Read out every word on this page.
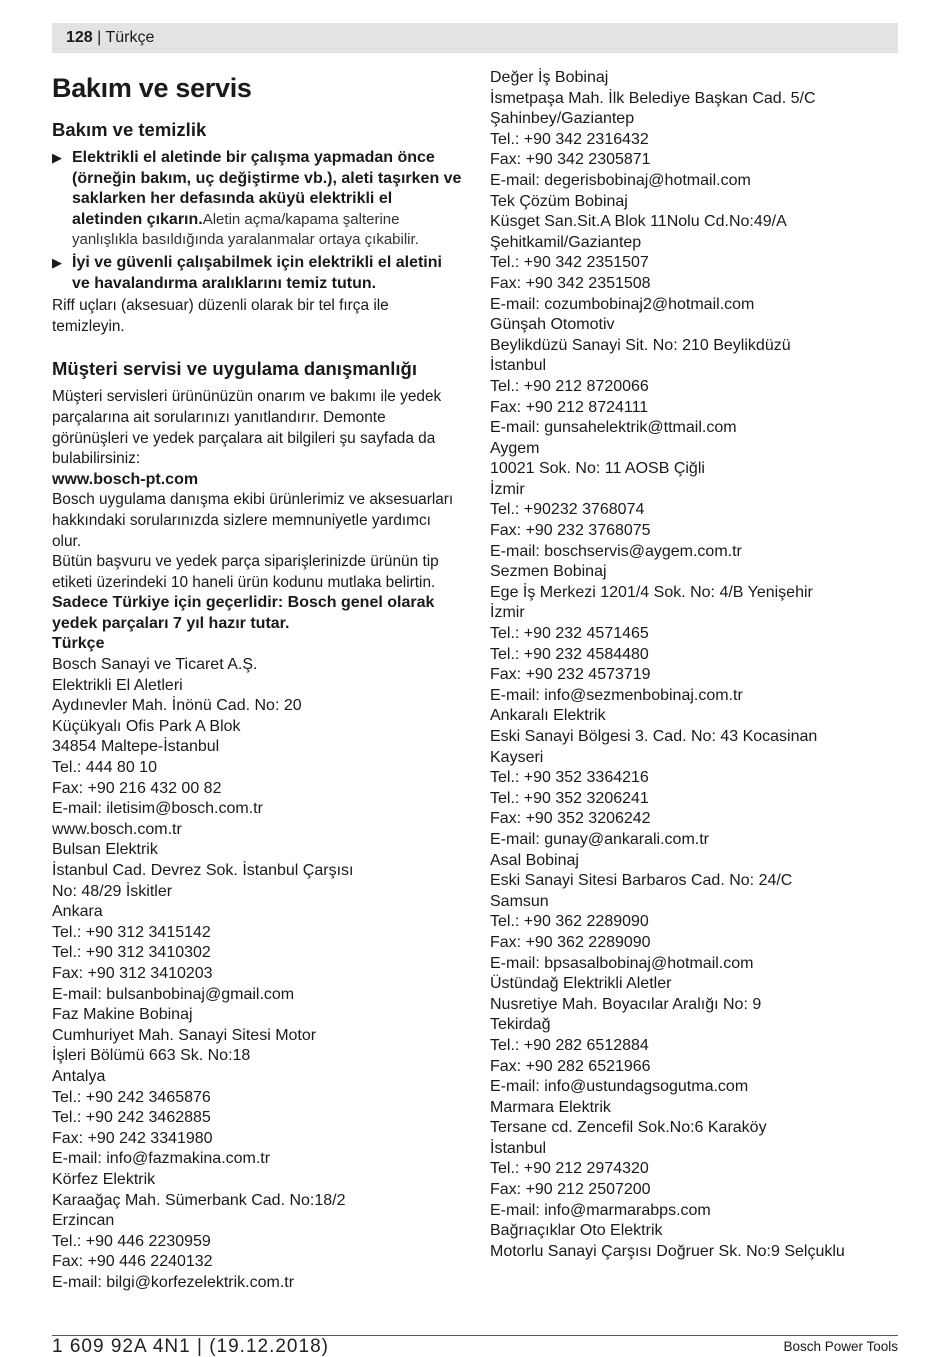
128 | Türkçe
Bakım ve servis
Bakım ve temizlik
▶ Elektrikli el aletinde bir çalışma yapmadan önce (örneğin bakım, uç değiştirme vb.), aleti taşırken ve saklarken her defasında aküyü elektrikli el aletinden çıkarın.Aletin açma/kapama şalterine yanlışlıkla basıldığında yaralanmalar ortaya çıkabilir.
▶ İyi ve güvenli çalışabilmek için elektrikli el aletini ve havalandırma aralıklarını temiz tutun.

Riff uçları (aksesuar) düzenli olarak bir tel fırça ile temizleyin.

Müşteri servisi ve uygulama danışmanlığı

Müşteri servisleri ürününüzün onarım ve bakımı ile yedek parçalarına ait sorularınızı yanıtlandırır. Demonte görünüşleri ve yedek parçalara ait bilgileri şu sayfada da bulabilirsiniz:

www.bosch-pt.com

Bosch uygulama danışma ekibi ürünlerimiz ve aksesuarları hakkındaki sorularınızda sizlere memnuniyetle yardımcı olur.

Bütün başvuru ve yedek parça siparişlerinizde ürünün tip etiketi üzerindeki 10 haneli ürün kodunu mutlaka belirtin.

Sadece Türkiye için geçerlidir: Bosch genel olarak yedek parçaları 7 yıl hazır tutar.

Türkçe

Bosch Sanayi ve Ticaret A.Ş.
Elektrikli El Aletleri
Aydınevler Mah. İnönü Cad. No: 20
Küçükyalı Ofis Park A Blok
34854 Maltepe-İstanbul
Tel.: 444 80 10
Fax: +90 216 432 00 82
E-mail: iletisim@bosch.com.tr
www.bosch.com.tr
Bulsan Elektrik
İstanbul Cad. Devrez Sok. İstanbul Çarşısı
No: 48/29 İskitler
Ankara
Tel.: +90 312 3415142
Tel.: +90 312 3410302
Fax: +90 312 3410203
E-mail: bulsanbobinaj@gmail.com
Faz Makine Bobinaj
Cumhuriyet Mah. Sanayi Sitesi Motor
İşleri Bölümü 663 Sk. No:18
Antalya
Tel.: +90 242 3465876
Tel.: +90 242 3462885
Fax: +90 242 3341980
E-mail: info@fazmakina.com.tr
Körfez Elektrik
Karaağaç Mah. Sümerbank Cad. No:18/2
Erzincan
Tel.: +90 446 2230959
Fax: +90 446 2240132
E-mail: bilgi@korfezelektrik.com.tr
Değer İş Bobinaj
İsmetpaşa Mah. İlk Belediye Başkan Cad. 5/C
Şahinbey/Gaziantep
Tel.: +90 342 2316432
Fax: +90 342 2305871
E-mail: degerisbobinaj@hotmail.com
Tek Çözüm Bobinaj
Küsget San.Sit.A Blok 11Nolu Cd.No:49/A
Şehitkamil/Gaziantep
Tel.: +90 342 2351507
Fax: +90 342 2351508
E-mail: cozumbobinaj2@hotmail.com
Günşah Otomotiv
Beylikdüzü Sanayi Sit. No: 210 Beylikdüzü
İstanbul
Tel.: +90 212 8720066
Fax: +90 212 8724111
E-mail: gunsahelektrik@ttmail.com
Aygem
10021 Sok. No: 11 AOSB Çiğli
İzmir
Tel.: +90232 3768074
Fax: +90 232 3768075
E-mail: boschservis@aygem.com.tr
Sezmen Bobinaj
Ege İş Merkezi 1201/4 Sok. No: 4/B Yenişehir
İzmir
Tel.: +90 232 4571465
Tel.: +90 232 4584480
Fax: +90 232 4573719
E-mail: info@sezmenbobinaj.com.tr
Ankaralı Elektrik
Eski Sanayi Bölgesi 3. Cad. No: 43 Kocasinan
Kayseri
Tel.: +90 352 3364216
Tel.: +90 352 3206241
Fax: +90 352 3206242
E-mail: gunay@ankarali.com.tr
Asal Bobinaj
Eski Sanayi Sitesi Barbaros Cad. No: 24/C
Samsun
Tel.: +90 362 2289090
Fax: +90 362 2289090
E-mail: bpsasalbobinaj@hotmail.com
Üstündağ Elektrikli Aletler
Nusretiye Mah. Boyacılar Aralığı No: 9
Tekirdağ
Tel.: +90 282 6512884
Fax: +90 282 6521966
E-mail: info@ustundagsogutma.com
Marmara Elektrik
Tersane cd. Zencefil Sok.No:6 Karaköy
İstanbul
Tel.: +90 212 2974320
Fax: +90 212 2507200
E-mail: info@marmarabps.com
Bağrıaçıklar Oto Elektrik
Motorlu Sanayi Çarşısı Doğruer Sk. No:9 Selçuklu
1 609 92A 4N1 | (19.12.2018)	Bosch Power Tools
